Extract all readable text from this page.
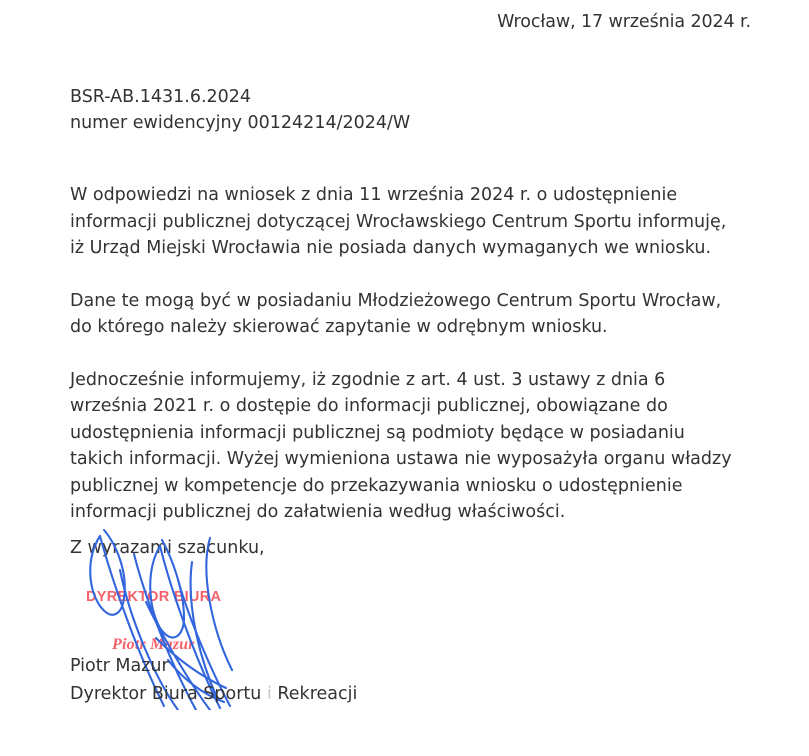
Wrocław, 17 września 2024 r.
BSR-AB.1431.6.2024
numer ewidencyjny 00124214/2024/W

W odpowiedzi na wniosek z dnia 11 września 2024 r. o udostępnienie
informacji publicznej dotyczącej Wrocławskiego Centrum Sportu informuję,
iż Urząd Miejski Wrocławia nie posiada danych wymaganych we wniosku.

Dane te mogą być w posiadaniu Młodzieżowego Centrum Sportu Wrocław,
do którego należy skierować zapytanie w odrębnym wniosku.

Jednocześnie informujemy, iż zgodnie z art. 4 ust. 3 ustawy z dnia 6
września 2021 r. o dostępie do informacji publicznej, obowiązane do
udostępnienia informacji publicznej są podmioty będące w posiadaniu
takich informacji. Wyżej wymieniona ustawa nie wyposażyła organu władzy
publicznej w kompetencje do przekazywania wniosku o udostępnienie
informacji publicznej do załatwienia według właściwości.

Z wyrazami szacunku,
DYREKTOR BIURA
Piotr Mazur
Piotr Mazur
Dyrektor Biura Sportu i Rekreacji
